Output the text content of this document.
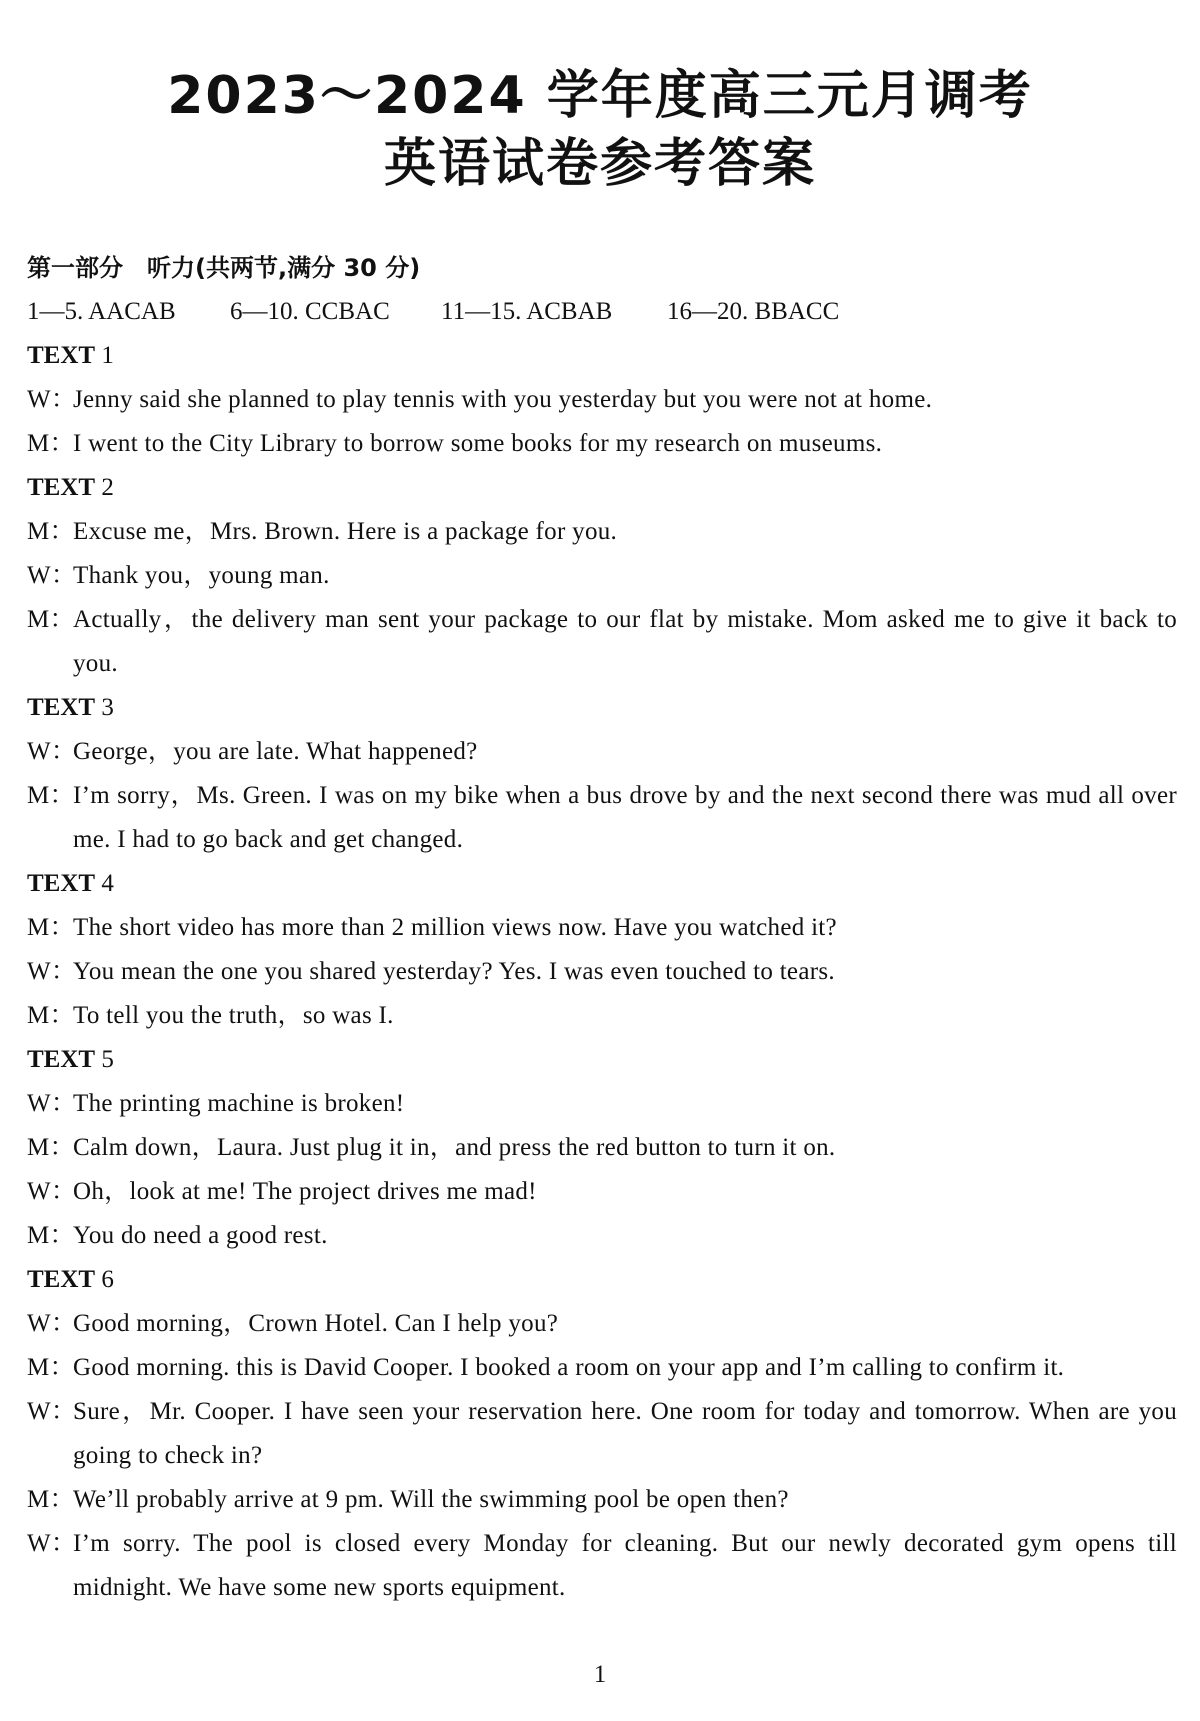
2023～2024 学年度高三元月调考
英语试卷参考答案
第一部分　听力(共两节,满分 30 分)
1—5. AACAB 6—10. CCBAC 11—15. ACBAB 16—20. BBACC
TEXT 1
W：
Jenny said she planned to play tennis with you yesterday but you were not at home.
M：
I went to the City Library to borrow some books for my research on museums.
TEXT 2
M：
Excuse me，Mrs. Brown. Here is a package for you.
W：
Thank you，young man.
M：
Actually，the delivery man sent your package to our flat by mistake. Mom asked me to give it back to you.
TEXT 3
W：
George，you are late. What happened?
M：
I’m sorry，Ms. Green. I was on my bike when a bus drove by and the next second there was mud all over me. I had to go back and get changed.
TEXT 4
M：
The short video has more than 2 million views now. Have you watched it?
W：
You mean the one you shared yesterday? Yes. I was even touched to tears.
M：
To tell you the truth，so was I.
TEXT 5
W：
The printing machine is broken!
M：
Calm down，Laura. Just plug it in，and press the red button to turn it on.
W：
Oh，look at me! The project drives me mad!
M：
You do need a good rest.
TEXT 6
W：
Good morning，Crown Hotel. Can I help you?
M：
Good morning. this is David Cooper. I booked a room on your app and I’m calling to confirm it.
W：
Sure，Mr. Cooper. I have seen your reservation here. One room for today and tomorrow. When are you going to check in?
M：
We’ll probably arrive at 9 pm. Will the swimming pool be open then?
W：
I’m sorry. The pool is closed every Monday for cleaning. But our newly decorated gym opens till midnight. We have some new sports equipment.
1
